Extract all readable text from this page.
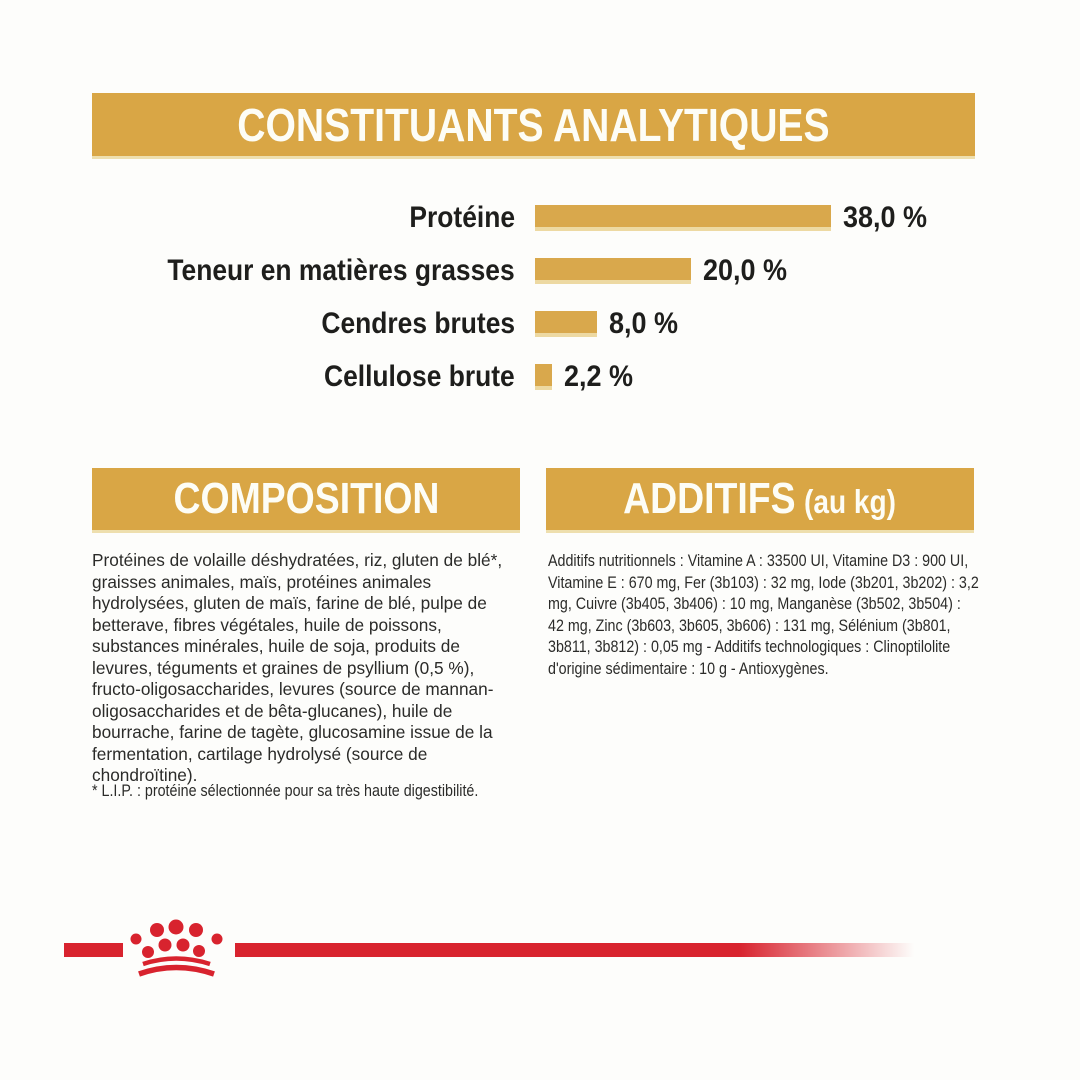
CONSTITUANTS ANALYTIQUES
Protéine	38,0 %
Teneur en matières grasses	20,0 %
Cendres brutes	8,0 %
Cellulose brute 2,2 %
COMPOSITION
Protéines de volaille déshydratées, riz, gluten de blé*, graisses animales, maïs, protéines animales hydrolysées, gluten de maïs, farine de blé, pulpe de betterave, fibres végétales, huile de poissons, substances minérales, huile de soja, produits de levures, téguments et graines de psyllium (0,5 %), fructo-oligosaccharides, levures (source de mannan-oligosaccharides et de bêta-glucanes), huile de bourrache, farine de tagète, glucosamine issue de la fermentation, cartilage hydrolysé (source de chondroïtine).
* L.I.P. : protéine sélectionnée pour sa très haute digestibilité.
ADDITIFS (au kg)
Additifs nutritionnels : Vitamine A : 33500 UI, Vitamine D3 : 900 UI, Vitamine E : 670 mg, Fer (3b103) : 32 mg, Iode (3b201, 3b202) : 3,2 mg, Cuivre (3b405, 3b406) : 10 mg, Manganèse (3b502, 3b504) : 42 mg, Zinc (3b603, 3b605, 3b606) : 131 mg, Sélénium (3b801, 3b811, 3b812) : 0,05 mg - Additifs technologiques : Clinoptilolite d'origine sédimentaire : 10 g - Antioxygènes.
